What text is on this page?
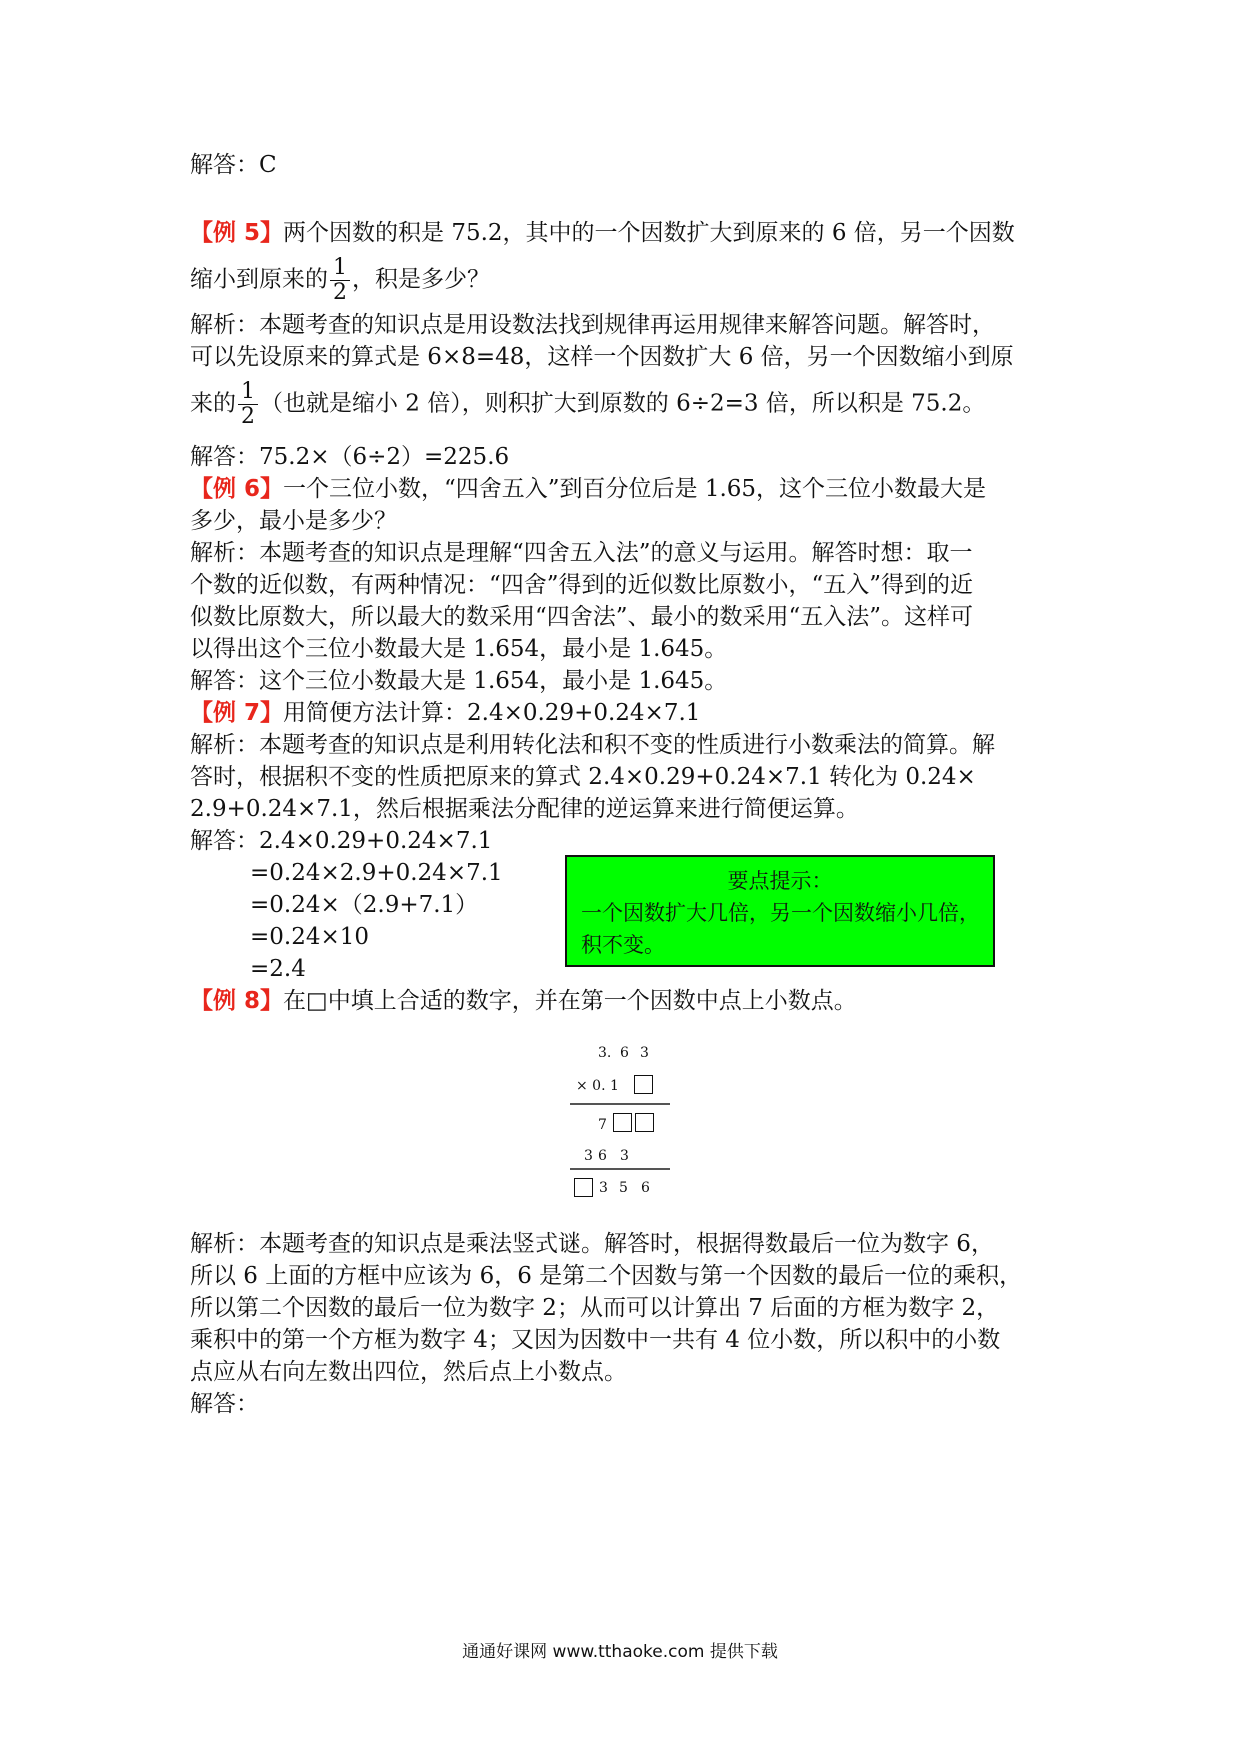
解答：C
【例 5】两个因数的积是 75.2，其中的一个因数扩大到原来的 6 倍，另一个因数
缩小到原来的 $\frac{1}{2}$ ，积是多少？
解析：本题考查的知识点是用设数法找到规律再运用规律来解答问题。解答时，
可以先设原来的算式是 6×8=48，这样一个因数扩大 6 倍，另一个因数缩小到原
来的 $\frac{1}{2}$ （也就是缩小 2 倍），则积扩大到原数的 6÷2=3 倍，所以积是 75.2。
解答：75.2×（6÷2）=225.6
【例 6】一个三位小数，“四舍五入”到百分位后是 1.65，这个三位小数最大是
多少，最小是多少？
解析：本题考查的知识点是理解“四舍五入法”的意义与运用。解答时想：取一
个数的近似数，有两种情况：“四舍”得到的近似数比原数小，“五入”得到的近
似数比原数大，所以最大的数采用“四舍法”、最小的数采用“五入法”。这样可
以得出这个三位小数最大是 1.654，最小是 1.645。
解答：这个三位小数最大是 1.654，最小是 1.645。
【例 7】用简便方法计算：2.4×0.29+0.24×7.1
解析：本题考查的知识点是利用转化法和积不变的性质进行小数乘法的简算。解
答时，根据积不变的性质把原来的算式 2.4×0.29+0.24×7.1 转化为 0.24×
2.9+0.24×7.1，然后根据乘法分配律的逆运算来进行简便运算。
解答：2.4×0.29+0.24×7.1
=0.24×2.9+0.24×7.1
=0.24×（2.9+7.1）
=0.24×10
=2.4
要点提示：
一个因数扩大几倍，另一个因数缩小几倍，
积不变。
【例 8】在□中填上合适的数字，并在第一个因数中点上小数点。
3. 6 3
× 0. 1
7
3 6 3
3 5 6
解析：本题考查的知识点是乘法竖式谜。解答时，根据得数最后一位为数字 6，
所以 6 上面的方框中应该为 6，6 是第二个因数与第一个因数的最后一位的乘积，
所以第二个因数的最后一位为数字 2；从而可以计算出 7 后面的方框为数字 2，
乘积中的第一个方框为数字 4；又因为因数中一共有 4 位小数，所以积中的小数
点应从右向左数出四位，然后点上小数点。
解答：
通通好课网 www.tthaoke.com 提供下载
